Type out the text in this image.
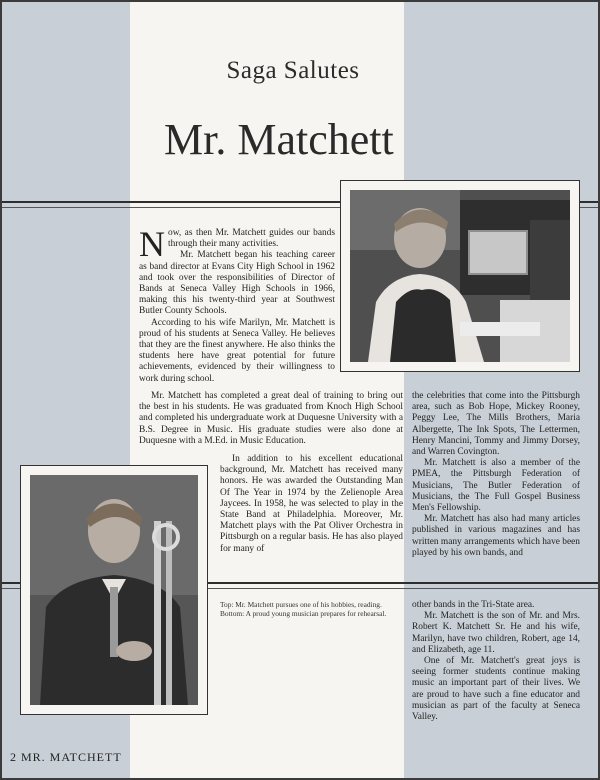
Saga Salutes
Mr. Matchett

Now, as then Mr. Matchett guides our bands through their many activities.

Mr. Matchett began his teaching career as band director at Evans City High School in 1962 and took over the responsibilities of Director of Bands at Seneca Valley High Schools in 1966, making this his twenty-third year at Southwest Butler County Schools.

According to his wife Marilyn, Mr. Matchett is proud of his students at Seneca Valley. He believes that they are the finest anywhere. He also thinks the students here have great potential for future achievements, evidenced by their willingness to work during school.

Mr. Matchett has completed a great deal of training to bring out the best in his students. He was graduated from Knoch High School and completed his undergraduate work at Duquesne University with a B.S. Degree in Music. His graduate studies were also done at Duquesne with a M.Ed. in Music Education.

In addition to his excellent educational background, Mr. Matchett has received many honors. He was awarded the Outstanding Man Of The Year in 1974 by the Zelienople Area Jaycees. In 1958, he was selected to play in the State Band at Philadelphia. Moreover, Mr. Matchett plays with the Pat Oliver Orchestra in Pittsburgh on a regular basis. He has also played for many of

Top: Mr. Matchett pursues one of his hobbies, reading.
Bottom: A proud young musician prepares for rehearsal.

the celebrities that come into the Pittsburgh area, such as Bob Hope, Mickey Rooney, Peggy Lee, The Mills Brothers, Maria Albergette, The Ink Spots, The Lettermen, Henry Mancini, Tommy and Jimmy Dorsey, and Warren Covington.

Mr. Matchett is also a member of the PMEA, the Pittsburgh Federation of Musicians, The Butler Federation of Musicians, the The Full Gospel Business Men's Fellowship.

Mr. Matchett has also had many articles published in various magazines and has written many arrangements which have been played by his own bands, and

other bands in the Tri-State area.

Mr. Matchett is the son of Mr. and Mrs. Robert K. Matchett Sr. He and his wife, Marilyn, have two children, Robert, age 14, and Elizabeth, age 11.

One of Mr. Matchett's great joys is seeing former students continue making music an important part of their lives. We are proud to have such a fine educator and musician as part of the faculty at Seneca Valley.

2 MR. MATCHETT
